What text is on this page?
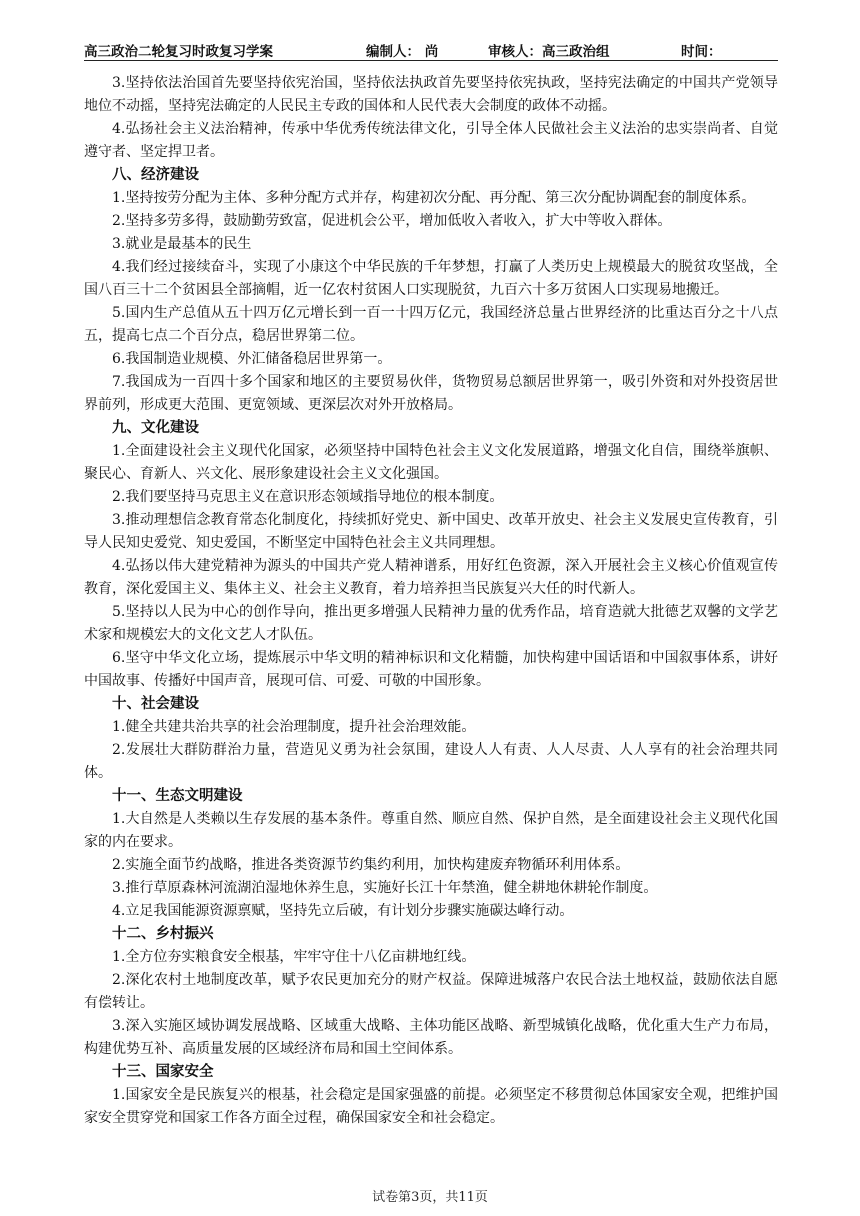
高三政治二轮复习时政复习学案	编制人： 尚	审核人：高三政治组	时间：

3.坚持依法治国首先要坚持依宪治国，坚持依法执政首先要坚持依宪执政，坚持宪法确定的中国共产党领导地位不动摇，坚持宪法确定的人民民主专政的国体和人民代表大会制度的政体不动摇。

4.弘扬社会主义法治精神，传承中华优秀传统法律文化，引导全体人民做社会主义法治的忠实崇尚者、自觉遵守者、坚定捍卫者。

八、经济建设

1.坚持按劳分配为主体、多种分配方式并存，构建初次分配、再分配、第三次分配协调配套的制度体系。

2.坚持多劳多得，鼓励勤劳致富，促进机会公平，增加低收入者收入，扩大中等收入群体。

3.就业是最基本的民生

4.我们经过接续奋斗，实现了小康这个中华民族的千年梦想，打赢了人类历史上规模最大的脱贫攻坚战，全国八百三十二个贫困县全部摘帽，近一亿农村贫困人口实现脱贫，九百六十多万贫困人口实现易地搬迁。

5.国内生产总值从五十四万亿元增长到一百一十四万亿元，我国经济总量占世界经济的比重达百分之十八点五，提高七点二个百分点，稳居世界第二位。

6.我国制造业规模、外汇储备稳居世界第一。

7.我国成为一百四十多个国家和地区的主要贸易伙伴，货物贸易总额居世界第一，吸引外资和对外投资居世界前列，形成更大范围、更宽领域、更深层次对外开放格局。

九、文化建设

1.全面建设社会主义现代化国家，必须坚持中国特色社会主义文化发展道路，增强文化自信，围绕举旗帜、聚民心、育新人、兴文化、展形象建设社会主义文化强国。

2.我们要坚持马克思主义在意识形态领域指导地位的根本制度。

3.推动理想信念教育常态化制度化，持续抓好党史、新中国史、改革开放史、社会主义发展史宣传教育，引导人民知史爱党、知史爱国，不断坚定中国特色社会主义共同理想。

4.弘扬以伟大建党精神为源头的中国共产党人精神谱系，用好红色资源，深入开展社会主义核心价值观宣传教育，深化爱国主义、集体主义、社会主义教育，着力培养担当民族复兴大任的时代新人。

5.坚持以人民为中心的创作导向，推出更多增强人民精神力量的优秀作品，培育造就大批德艺双馨的文学艺术家和规模宏大的文化文艺人才队伍。

6.坚守中华文化立场，提炼展示中华文明的精神标识和文化精髓，加快构建中国话语和中国叙事体系，讲好中国故事、传播好中国声音，展现可信、可爱、可敬的中国形象。

十、社会建设

1.健全共建共治共享的社会治理制度，提升社会治理效能。

2.发展壮大群防群治力量，营造见义勇为社会氛围，建设人人有责、人人尽责、人人享有的社会治理共同体。

十一、生态文明建设

1.大自然是人类赖以生存发展的基本条件。尊重自然、顺应自然、保护自然，是全面建设社会主义现代化国家的内在要求。

2.实施全面节约战略，推进各类资源节约集约利用，加快构建废弃物循环利用体系。

3.推行草原森林河流湖泊湿地休养生息，实施好长江十年禁渔，健全耕地休耕轮作制度。

4.立足我国能源资源禀赋，坚持先立后破，有计划分步骤实施碳达峰行动。

十二、乡村振兴

1.全方位夯实粮食安全根基，牢牢守住十八亿亩耕地红线。

2.深化农村土地制度改革，赋予农民更加充分的财产权益。保障进城落户农民合法土地权益，鼓励依法自愿有偿转让。

3.深入实施区域协调发展战略、区域重大战略、主体功能区战略、新型城镇化战略，优化重大生产力布局，构建优势互补、高质量发展的区域经济布局和国土空间体系。

十三、国家安全

1.国家安全是民族复兴的根基，社会稳定是国家强盛的前提。必须坚定不移贯彻总体国家安全观，把维护国家安全贯穿党和国家工作各方面全过程，确保国家安全和社会稳定。

试卷第3页，共11页
